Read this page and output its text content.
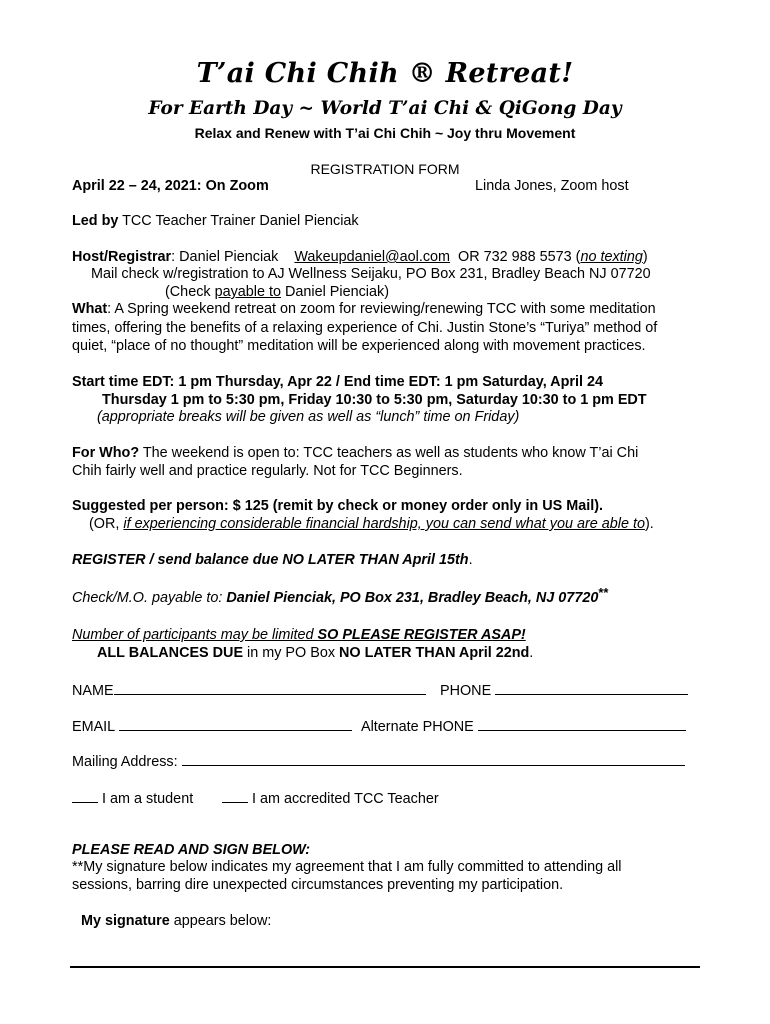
T’ai Chi Chih ® Retreat!
For Earth Day ~ World T’ai Chi & QiGong Day
Relax and Renew with T’ai Chi Chih ~ Joy thru Movement
REGISTRATION FORM
April 22 – 24, 2021: On Zoom	Linda Jones, Zoom host
Led by TCC Teacher Trainer Daniel Pienciak
Host/Registrar: Daniel Pienciak Wakeupdaniel@aol.com OR 732 988 5573 (no texting)
Mail check w/registration to AJ Wellness Seijaku, PO Box 231, Bradley Beach NJ 07720
(Check payable to Daniel Pienciak)
What: A Spring weekend retreat on zoom for reviewing/renewing TCC with some meditation
times, offering the benefits of a relaxing experience of Chi. Justin Stone’s “Turiya” method of
quiet, “place of no thought” meditation will be experienced along with movement practices.
Start time EDT: 1 pm Thursday, Apr 22 / End time EDT: 1 pm Saturday, April 24
Thursday 1 pm to 5:30 pm, Friday 10:30 to 5:30 pm, Saturday 10:30 to 1 pm EDT
(appropriate breaks will be given as well as “lunch” time on Friday)
For Who? The weekend is open to: TCC teachers as well as students who know T’ai Chi
Chih fairly well and practice regularly. Not for TCC Beginners.
Suggested per person: $ 125 (remit by check or money order only in US Mail).
(OR, if experiencing considerable financial hardship, you can send what you are able to).
REGISTER / send balance due NO LATER THAN April 15th.
Check/M.O. payable to: Daniel Pienciak, PO Box 231, Bradley Beach, NJ 07720**
Number of participants may be limited SO PLEASE REGISTER ASAP!
ALL BALANCES DUE in my PO Box NO LATER THAN April 22nd.
NAME	PHONE
EMAIL	Alternate PHONE
Mailing Address:
I am a student	I am accredited TCC Teacher
PLEASE READ AND SIGN BELOW:
**My signature below indicates my agreement that I am fully committed to attending all
sessions, barring dire unexpected circumstances preventing my participation.
My signature appears below:
